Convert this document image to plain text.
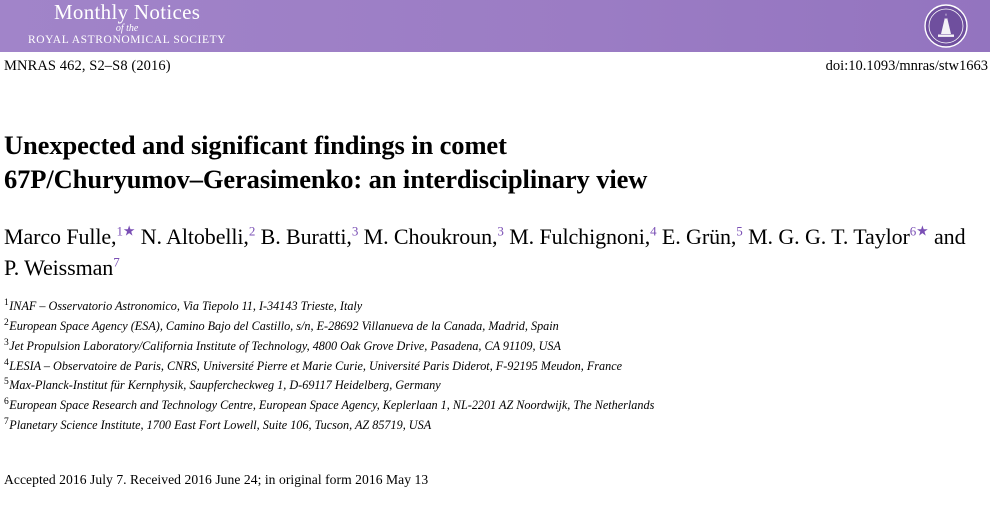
Monthly Notices
of the
ROYAL ASTRONOMICAL SOCIETY
MNRAS 462, S2–S8 (2016)	doi:10.1093/mnras/stw1663
Unexpected and significant findings in comet
67P/Churyumov–Gerasimenko: an interdisciplinary view
Marco Fulle,$^{1★}$ N. Altobelli,$^2$ B. Buratti,$^3$ M. Choukroun,$^3$ M. Fulchignoni,$^4$ E. Grün,$^5$ M. G. G. T. Taylor$^{6★}$ and P. Weissman$^7$
$^1$INAF – Osservatorio Astronomico, Via Tiepolo 11, I-34143 Trieste, Italy
$^2$European Space Agency (ESA), Camino Bajo del Castillo, s/n, E-28692 Villanueva de la Canada, Madrid, Spain
$^3$Jet Propulsion Laboratory/California Institute of Technology, 4800 Oak Grove Drive, Pasadena, CA 91109, USA
$^4$LESIA – Observatoire de Paris, CNRS, Université Pierre et Marie Curie, Université Paris Diderot, F-92195 Meudon, France
$^5$Max-Planck-Institut für Kernphysik, Saupfercheckweg 1, D-69117 Heidelberg, Germany
$^6$European Space Research and Technology Centre, European Space Agency, Keplerlaan 1, NL-2201 AZ Noordwijk, The Netherlands
$^7$Planetary Science Institute, 1700 East Fort Lowell, Suite 106, Tucson, AZ 85719, USA
Accepted 2016 July 7. Received 2016 June 24; in original form 2016 May 13
